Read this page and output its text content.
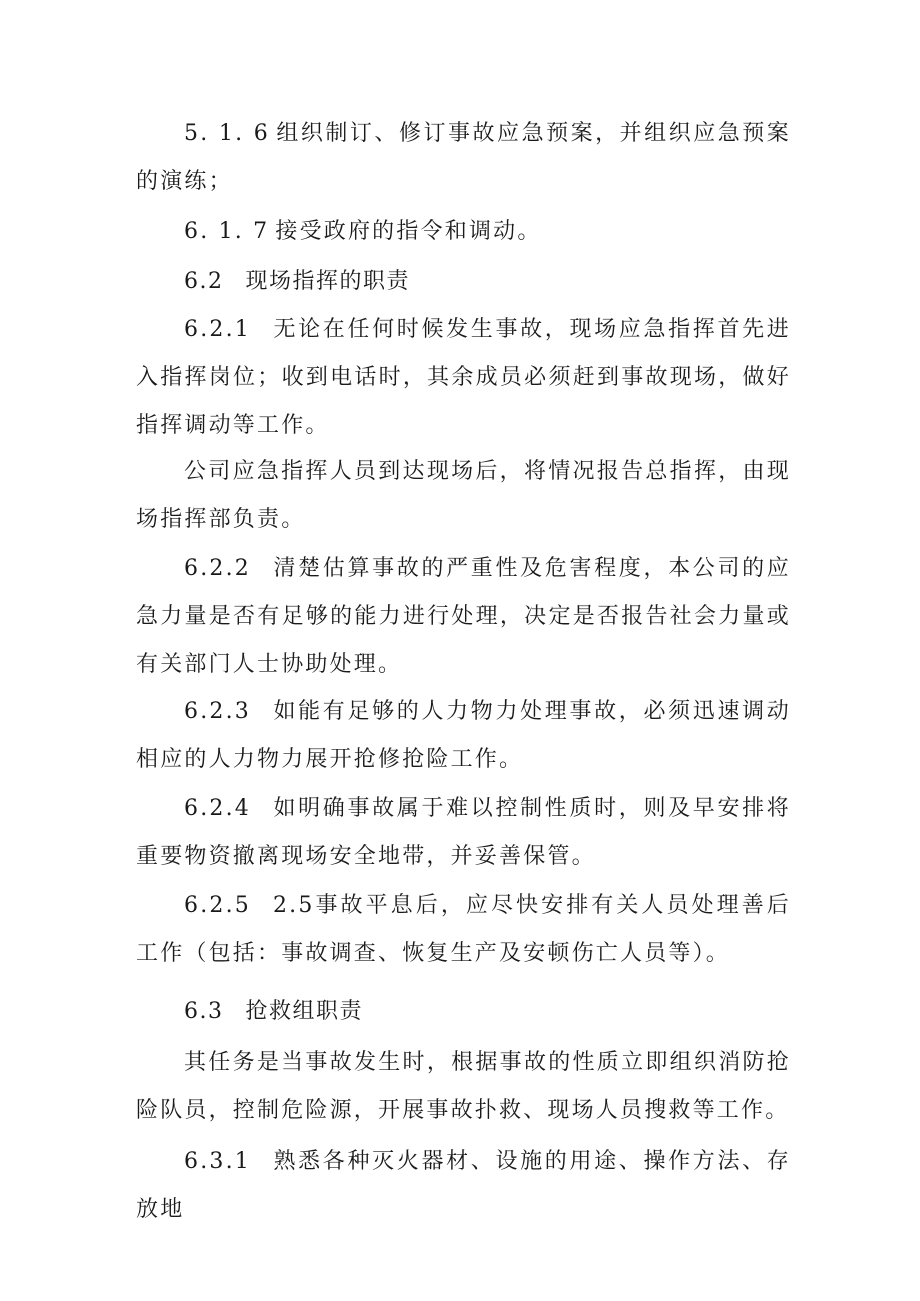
5. 1. 6 组织制订、修订事故应急预案，并组织应急预案的演练；

6. 1. 7 接受政府的指令和调动。

6.2 现场指挥的职责

6.2.1 无论在任何时候发生事故，现场应急指挥首先进入指挥岗位；收到电话时，其余成员必须赶到事故现场，做好指挥调动等工作。

公司应急指挥人员到达现场后，将情况报告总指挥，由现场指挥部负责。

6.2.2 清楚估算事故的严重性及危害程度，本公司的应急力量是否有足够的能力进行处理，决定是否报告社会力量或有关部门人士协助处理。

6.2.3 如能有足够的人力物力处理事故，必须迅速调动相应的人力物力展开抢修抢险工作。

6.2.4 如明确事故属于难以控制性质时，则及早安排将重要物资撤离现场安全地带，并妥善保管。

6.2.5 2.5事故平息后，应尽快安排有关人员处理善后工作（包括：事故调查、恢复生产及安顿伤亡人员等）。

6.3 抢救组职责

其任务是当事故发生时，根据事故的性质立即组织消防抢险队员，控制危险源，开展事故扑救、现场人员搜救等工作。

6.3.1 熟悉各种灭火器材、设施的用途、操作方法、存放地
